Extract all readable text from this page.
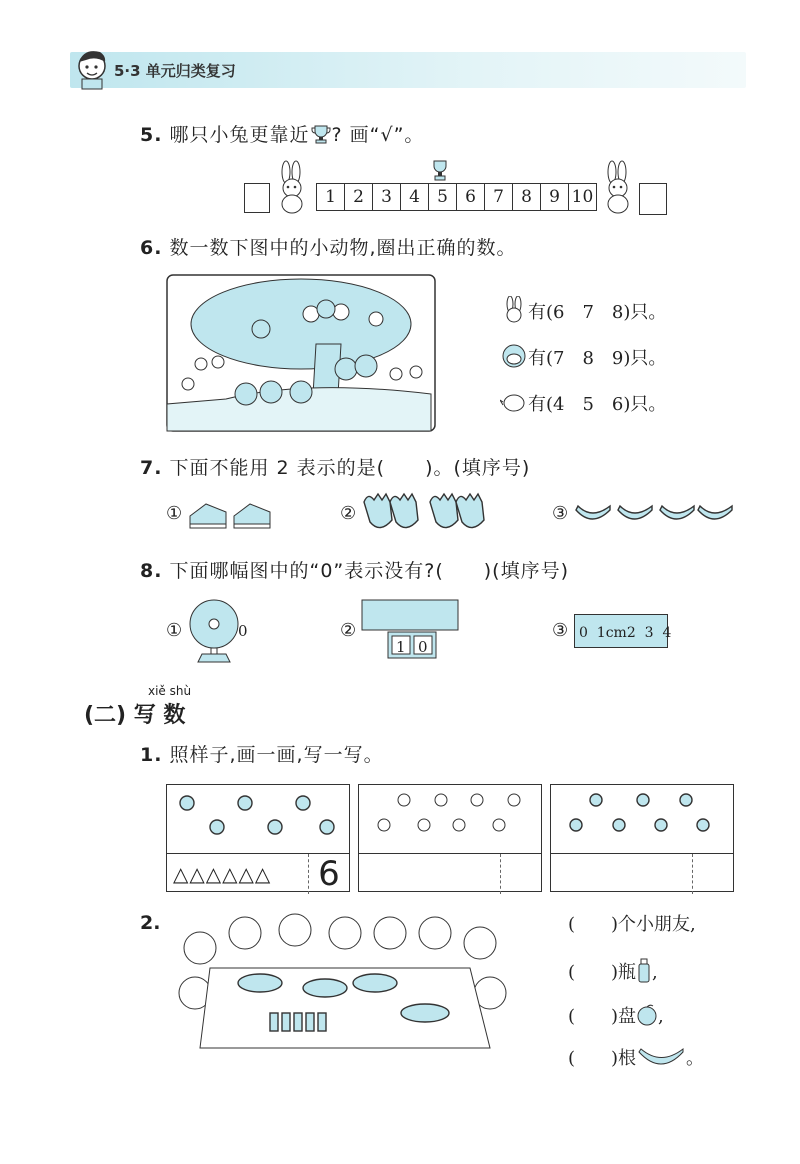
5·3 单元归类复习
5. 哪只小兔更靠近 ? 画“√”。
1	2	3	4	5	6	7	8	9 10
6. 数一数下图中的小动物,圈出正确的数。
有(6　7　8)只。
有(7　8　9)只。
有(4　5　6)只。
7. 下面不能用 2 表示的是(　　)。(填序号)
①	②	③
8. 下面哪幅图中的“0”表示没有?(　　)(填序号)
①	0	②
1 0
③ 0  1cm2  3  4
xiě shù
(二) 写 数
1. 照样子,画一画,写一写。
△△△△△△ 6
2.	(　　)个小朋友,
(　　)瓶 ,
(　　)盘 ,
(　　)根	。
